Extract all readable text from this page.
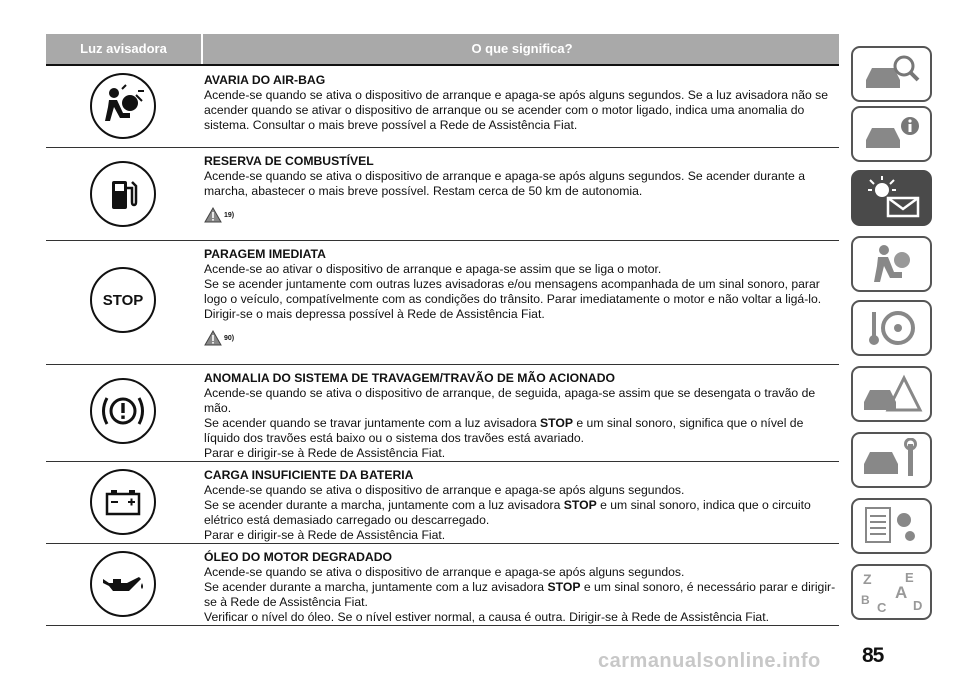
Luz avisadora	O que significa?
AVARIA DO AIR-BAG
Acende-se quando se ativa o dispositivo de arranque e apaga-se após alguns segundos. Se a luz avisadora não se acender quando se ativar o dispositivo de arranque ou se acender com o motor ligado, indica uma anomalia do sistema. Consultar o mais breve possível a Rede de Assistência Fiat.
RESERVA DE COMBUSTÍVEL
Acende-se quando se ativa o dispositivo de arranque e apaga-se após alguns segundos. Se acender durante a marcha, abastecer o mais breve possível. Restam cerca de 50 km de autonomia.
19)
STOP
PARAGEM IMEDIATA
Acende-se ao ativar o dispositivo de arranque e apaga-se assim que se liga o motor.
Se se acender juntamente com outras luzes avisadoras e/ou mensagens acompanhada de um sinal sonoro, parar logo o veículo, compatívelmente com as condições do trânsito. Parar imediatamente o motor e não voltar a ligá-lo. Dirigir-se o mais depressa possível à Rede de Assistência Fiat.
90)
ANOMALIA DO SISTEMA DE TRAVAGEM/TRAVÃO DE MÃO ACIONADO
Acende-se quando se ativa o dispositivo de arranque, de seguida, apaga-se assim que se desengata o travão de mão.
Se acender quando se travar juntamente com a luz avisadora STOP e um sinal sonoro, significa que o nível de líquido dos travões está baixo ou o sistema dos travões está avariado.
Parar e dirigir-se à Rede de Assistência Fiat.
CARGA INSUFICIENTE DA BATERIA
Acende-se quando se ativa o dispositivo de arranque e apaga-se após alguns segundos.
Se se acender durante a marcha, juntamente com a luz avisadora STOP e um sinal sonoro, indica que o circuito elétrico está demasiado carregado ou descarregado.
Parar e dirigir-se à Rede de Assistência Fiat.
ÓLEO DO MOTOR DEGRADADO
Acende-se quando se ativa o dispositivo de arranque e apaga-se após alguns segundos.
Se acender durante a marcha, juntamente com a luz avisadora STOP e um sinal sonoro, é necessário parar e dirigir-se à Rede de Assistência Fiat.
Verificar o nível do óleo. Se o nível estiver normal, a causa é outra. Dirigir-se à Rede de Assistência Fiat.
Z	E
A
B C D
85
carmanualsonline.info
